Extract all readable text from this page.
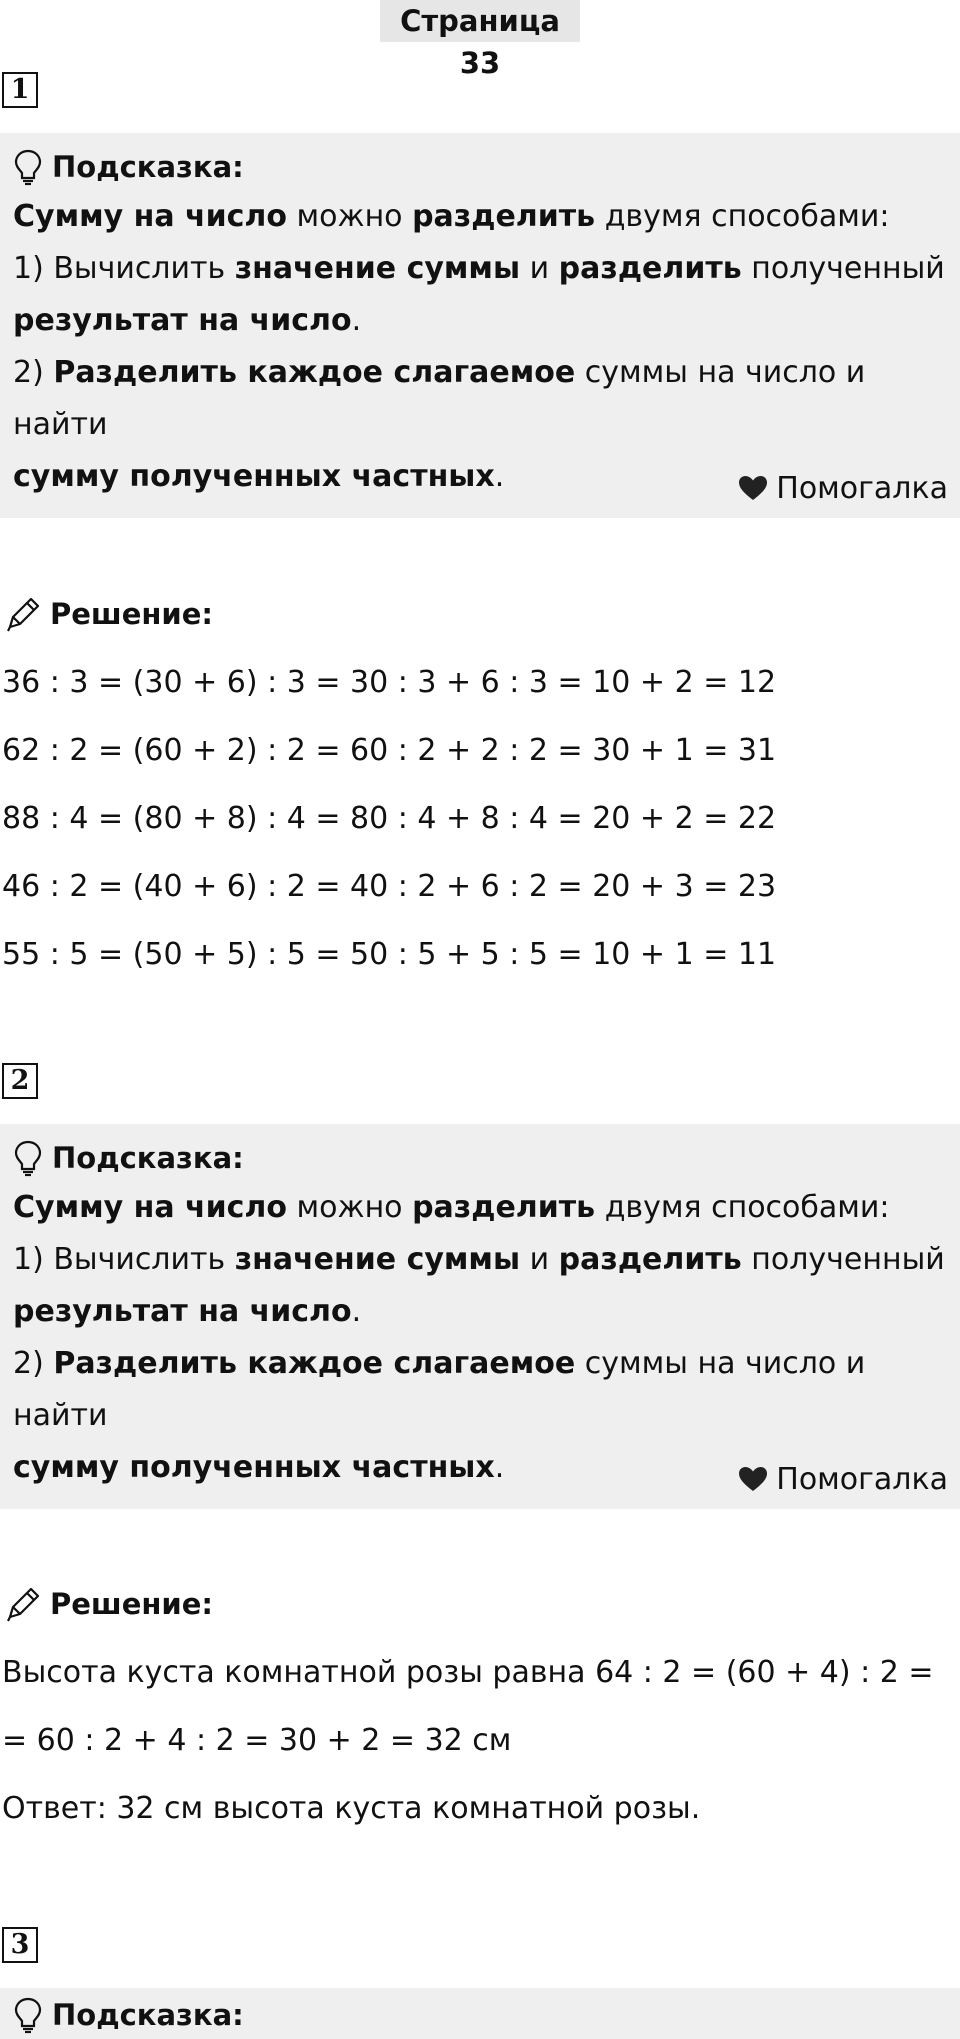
Страница 33
1
Подсказка:
Сумму на число можно разделить двумя способами:
1) Вычислить значение суммы и разделить полученный
результат на число.
2) Разделить каждое слагаемое суммы на число и найти
сумму полученных частных.	Помогалка
Решение:
36 : 3 = (30 + 6) : 3 = 30 : 3 + 6 : 3 = 10 + 2 = 12
62 : 2 = (60 + 2) : 2 = 60 : 2 + 2 : 2 = 30 + 1 = 31
88 : 4 = (80 + 8) : 4 = 80 : 4 + 8 : 4 = 20 + 2 = 22
46 : 2 = (40 + 6) : 2 = 40 : 2 + 6 : 2 = 20 + 3 = 23
55 : 5 = (50 + 5) : 5 = 50 : 5 + 5 : 5 = 10 + 1 = 11
2
Подсказка:
Сумму на число можно разделить двумя способами:
1) Вычислить значение суммы и разделить полученный
результат на число.
2) Разделить каждое слагаемое суммы на число и найти
сумму полученных частных.	Помогалка
Решение:
Высота куста комнатной розы равна 64 : 2 = (60 + 4) : 2 =
= 60 : 2 + 4 : 2 = 30 + 2 = 32 см
Ответ: 32 см высота куста комнатной розы.
3
Подсказка:
